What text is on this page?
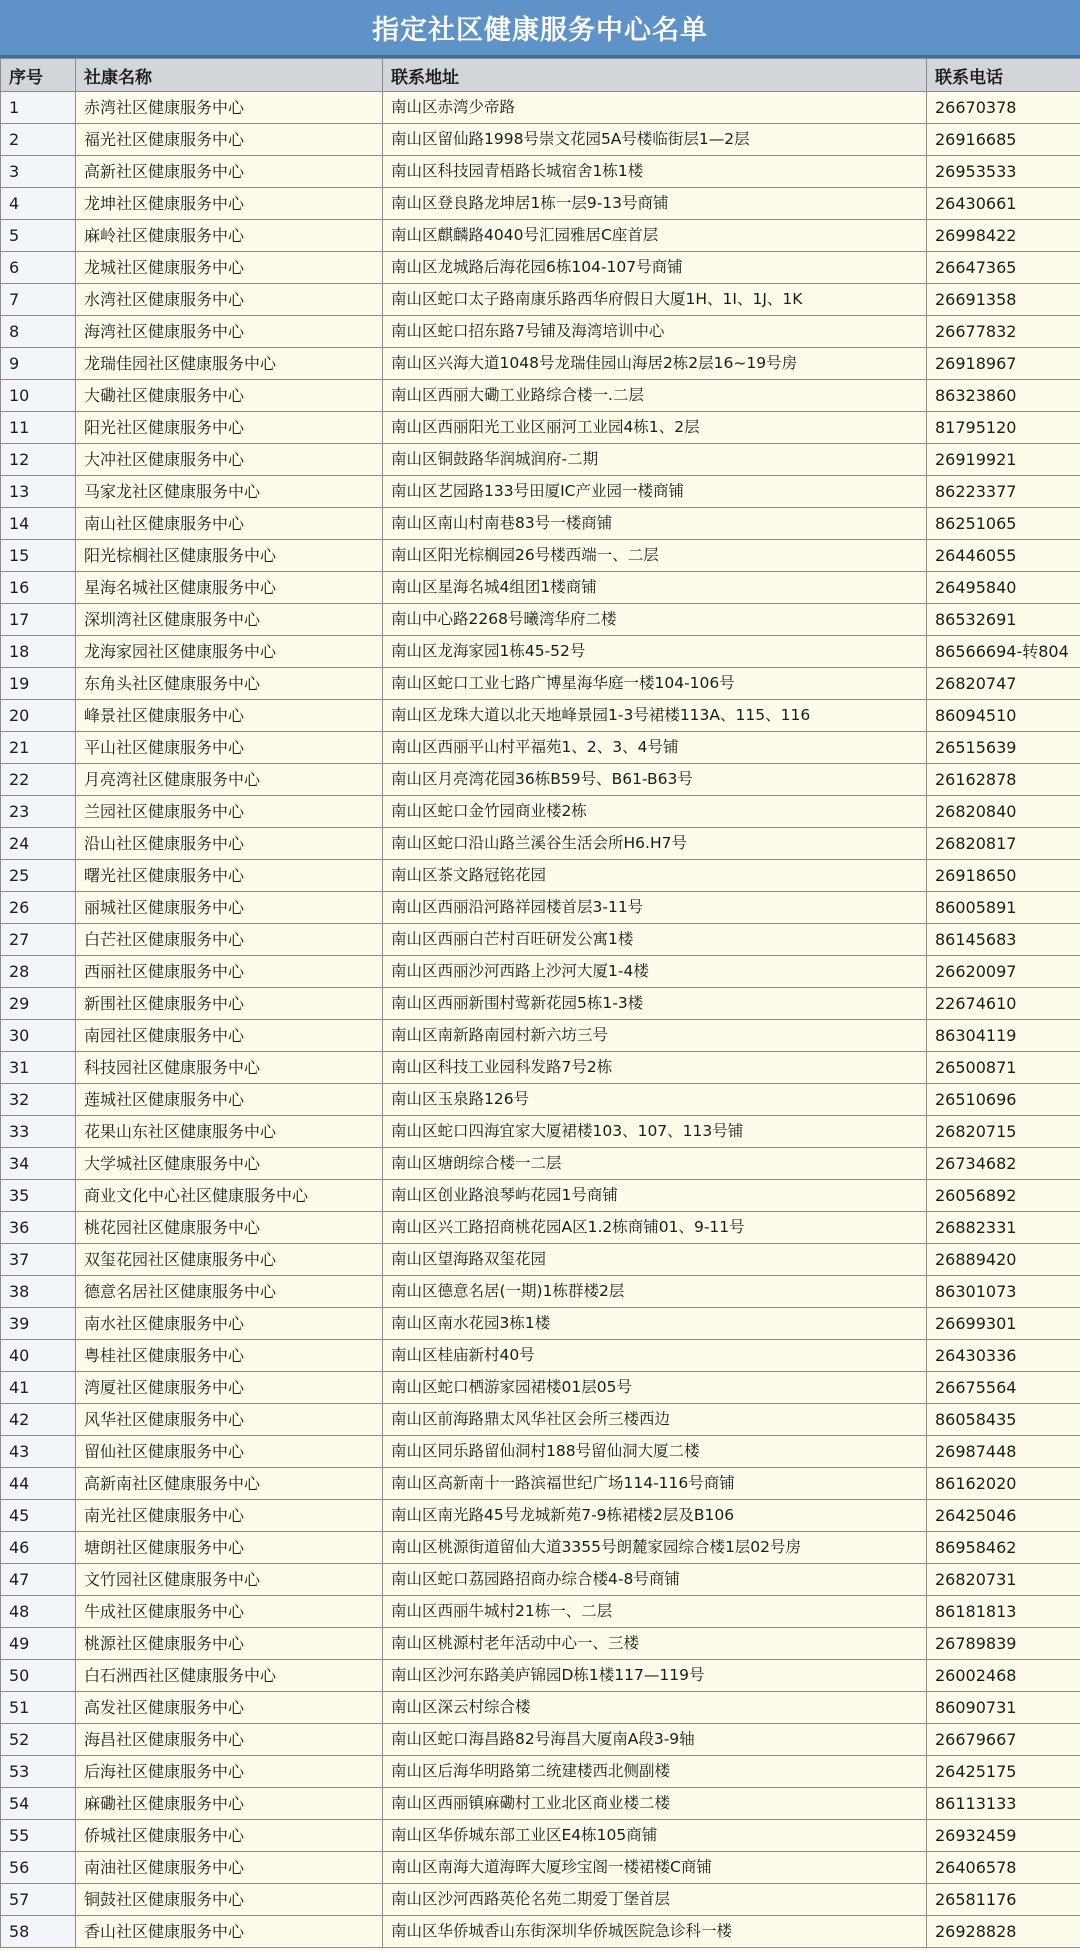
指定社区健康服务中心名单
序号	社康名称	联系地址	联系电话
1	赤湾社区健康服务中心	南山区赤湾少帝路	26670378
2	福光社区健康服务中心	南山区留仙路1998号崇文花园5A号楼临街层1—2层	26916685
3	高新社区健康服务中心	南山区科技园青梧路长城宿舍1栋1楼	26953533
4	龙坤社区健康服务中心	南山区登良路龙坤居1栋一层9-13号商铺	26430661
5	麻岭社区健康服务中心	南山区麒麟路4040号汇园雅居C座首层	26998422
6	龙城社区健康服务中心	南山区龙城路后海花园6栋104-107号商铺	26647365
7	水湾社区健康服务中心	南山区蛇口太子路南康乐路西华府假日大厦1H、1I、1J、1K	26691358
8	海湾社区健康服务中心	南山区蛇口招东路7号铺及海湾培训中心	26677832
9	龙瑞佳园社区健康服务中心	南山区兴海大道1048号龙瑞佳园山海居2栋2层16~19号房	26918967
10	大磡社区健康服务中心	南山区西丽大磡工业路综合楼一.二层	86323860
11	阳光社区健康服务中心	南山区西丽阳光工业区丽河工业园4栋1、2层	81795120
12	大冲社区健康服务中心	南山区铜鼓路华润城润府-二期	26919921
13	马家龙社区健康服务中心	南山区艺园路133号田厦IC产业园一楼商铺	86223377
14	南山社区健康服务中心	南山区南山村南巷83号一楼商铺	86251065
15	阳光棕榈社区健康服务中心	南山区阳光棕榈园26号楼西端一、二层	26446055
16	星海名城社区健康服务中心	南山区星海名城4组团1楼商铺	26495840
17	深圳湾社区健康服务中心	南山中心路2268号曦湾华府二楼	86532691
18	龙海家园社区健康服务中心	南山区龙海家园1栋45-52号	86566694-转804
19	东角头社区健康服务中心	南山区蛇口工业七路广博星海华庭一楼104-106号	26820747
20	峰景社区健康服务中心	南山区龙珠大道以北天地峰景园1-3号裙楼113A、115、116	86094510
21	平山社区健康服务中心	南山区西丽平山村平福苑1、2、3、4号铺	26515639
22	月亮湾社区健康服务中心	南山区月亮湾花园36栋B59号、B61-B63号	26162878
23	兰园社区健康服务中心	南山区蛇口金竹园商业楼2栋	26820840
24	沿山社区健康服务中心	南山区蛇口沿山路兰溪谷生活会所H6.H7号	26820817
25	曙光社区健康服务中心	南山区茶文路冠铭花园	26918650
26	丽城社区健康服务中心	南山区西丽沿河路祥园楼首层3-11号	86005891
27	白芒社区健康服务中心	南山区西丽白芒村百旺研发公寓1楼	86145683
28	西丽社区健康服务中心	南山区西丽沙河西路上沙河大厦1-4楼	26620097
29	新围社区健康服务中心	南山区西丽新围村莺新花园5栋1-3楼	22674610
30	南园社区健康服务中心	南山区南新路南园村新六坊三号	86304119
31	科技园社区健康服务中心	南山区科技工业园科发路7号2栋	26500871
32	莲城社区健康服务中心	南山区玉泉路126号	26510696
33	花果山东社区健康服务中心	南山区蛇口四海宜家大厦裙楼103、107、113号铺	26820715
34	大学城社区健康服务中心	南山区塘朗综合楼一二层	26734682
35	商业文化中心社区健康服务中心	南山区创业路浪琴屿花园1号商铺	26056892
36	桃花园社区健康服务中心	南山区兴工路招商桃花园A区1.2栋商铺01、9-11号	26882331
37	双玺花园社区健康服务中心	南山区望海路双玺花园	26889420
38	德意名居社区健康服务中心	南山区德意名居(一期)1栋群楼2层	86301073
39	南水社区健康服务中心	南山区南水花园3栋1楼	26699301
40	粤桂社区健康服务中心	南山区桂庙新村40号	26430336
41	湾厦社区健康服务中心	南山区蛇口栖游家园裙楼01层05号	26675564
42	风华社区健康服务中心	南山区前海路鼎太风华社区会所三楼西边	86058435
43	留仙社区健康服务中心	南山区同乐路留仙洞村188号留仙洞大厦二楼	26987448
44	高新南社区健康服务中心	南山区高新南十一路滨福世纪广场114-116号商铺	86162020
45	南光社区健康服务中心	南山区南光路45号龙城新苑7-9栋裙楼2层及B106	26425046
46	塘朗社区健康服务中心	南山区桃源街道留仙大道3355号朗麓家园综合楼1层02号房	86958462
47	文竹园社区健康服务中心	南山区蛇口荔园路招商办综合楼4-8号商铺	26820731
48	牛成社区健康服务中心	南山区西丽牛城村21栋一、二层	86181813
49	桃源社区健康服务中心	南山区桃源村老年活动中心一、三楼	26789839
50	白石洲西社区健康服务中心	南山区沙河东路美庐锦园D栋1楼117—119号	26002468
51	高发社区健康服务中心	南山区深云村综合楼	86090731
52	海昌社区健康服务中心	南山区蛇口海昌路82号海昌大厦南A段3-9轴	26679667
53	后海社区健康服务中心	南山区后海华明路第二统建楼西北侧副楼	26425175
54	麻磡社区健康服务中心	南山区西丽镇麻磡村工业北区商业楼二楼	86113133
55	侨城社区健康服务中心	南山区华侨城东部工业区E4栋105商铺	26932459
56	南油社区健康服务中心	南山区南海大道海晖大厦珍宝阁一楼裙楼C商铺	26406578
57	铜鼓社区健康服务中心	南山区沙河西路英伦名苑二期爱丁堡首层	26581176
58	香山社区健康服务中心	南山区华侨城香山东街深圳华侨城医院急诊科一楼	26928828
